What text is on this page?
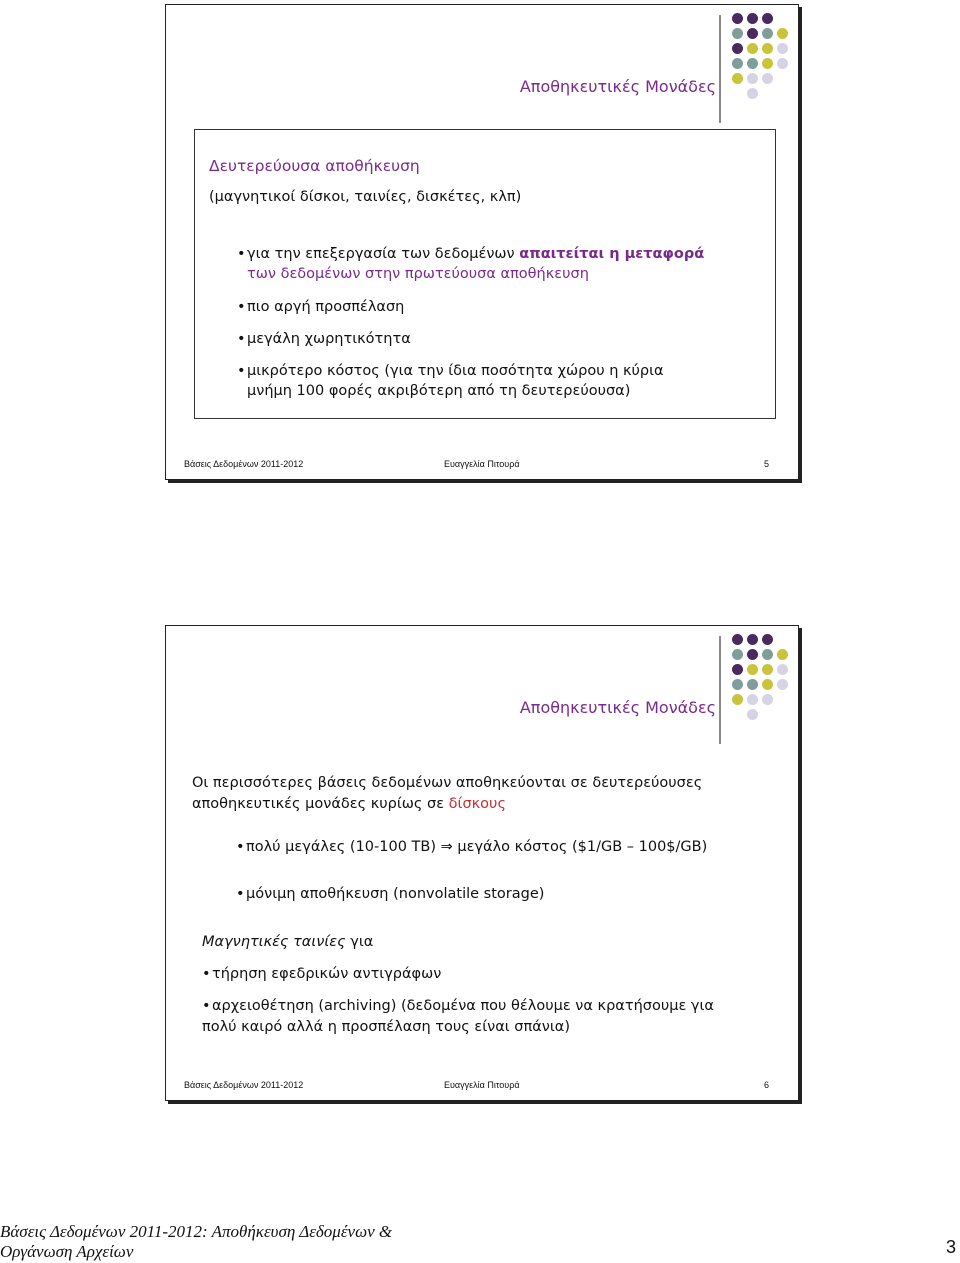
Αποθηκευτικές Μονάδες
Δευτερεύουσα αποθήκευση
(μαγνητικοί δίσκοι, ταινίες, δισκέτες, κλπ)
•για την επεξεργασία των δεδομένων απαιτείται η μεταφορά
των δεδομένων στην πρωτεύουσα αποθήκευση
•πιο αργή προσπέλαση
•μεγάλη χωρητικότητα
•μικρότερο κόστος (για την ίδια ποσότητα χώρου η κύρια
μνήμη 100 φορές ακριβότερη από τη δευτερεύουσα)
Βάσεις Δεδομένων 2011-2012	Ευαγγελία Πιτουρά	5
Αποθηκευτικές Μονάδες
Οι περισσότερες βάσεις δεδομένων αποθηκεύονται σε δευτερεύουσες
αποθηκευτικές μονάδες κυρίως σε δίσκους
•πολύ μεγάλες (10-100 TB) ⇒ μεγάλο κόστος ($1/GB – 100$/GB)
•μόνιμη αποθήκευση (nonvolatile storage)
Μαγνητικές ταινίες για
•τήρηση εφεδρικών αντιγράφων
•αρχειοθέτηση (archiving) (δεδομένα που θέλουμε να κρατήσουμε για
πολύ καιρό αλλά η προσπέλαση τους είναι σπάνια)
Βάσεις Δεδομένων 2011-2012	Ευαγγελία Πιτουρά	6
Βάσεις Δεδομένων 2011-2012: Αποθήκευση Δεδομένων &
Οργάνωση Αρχείων	3
